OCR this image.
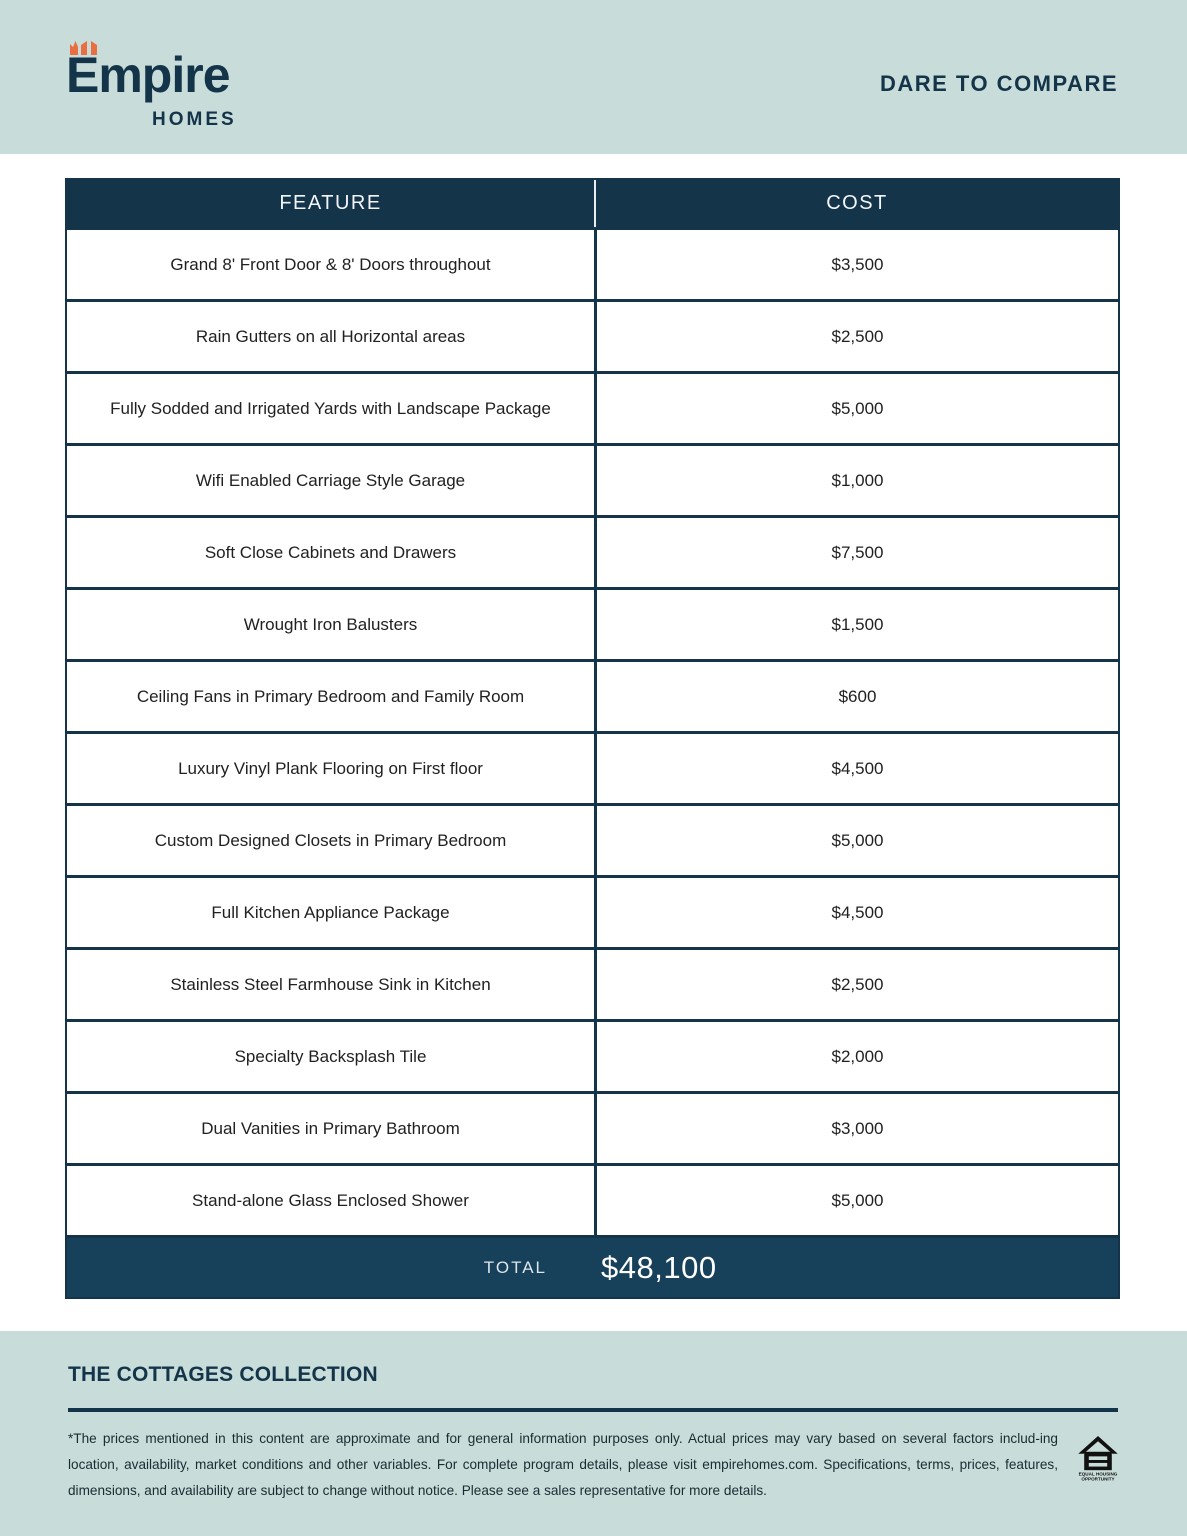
Empire
HOMES
DARE TO COMPARE
FEATURE	COST
Grand 8' Front Door & 8' Doors throughout	$3,500
Rain Gutters on all Horizontal areas	$2,500
Fully Sodded and Irrigated Yards with Landscape Package	$5,000
Wifi Enabled Carriage Style Garage	$1,000
Soft Close Cabinets and Drawers	$7,500
Wrought Iron Balusters	$1,500
Ceiling Fans in Primary Bedroom and Family Room	$600
Luxury Vinyl Plank Flooring on First floor	$4,500
Custom Designed Closets in Primary Bedroom	$5,000
Full Kitchen Appliance Package	$4,500
Stainless Steel Farmhouse Sink in Kitchen	$2,500
Specialty Backsplash Tile	$2,000
Dual Vanities in Primary Bathroom	$3,000
Stand-alone Glass Enclosed Shower	$5,000
TOTAL	$48,100
THE COTTAGES COLLECTION
*The prices mentioned in this content are approximate and for general information purposes only. Actual prices may vary based on several factors includ-ing location, availability, market conditions and other variables. For complete program details, please visit empirehomes.com. Specifications, terms, prices, features, dimensions, and availability are subject to change without notice. Please see a sales representative for more details.
EQUAL HOUSING
OPPORTUNITY
